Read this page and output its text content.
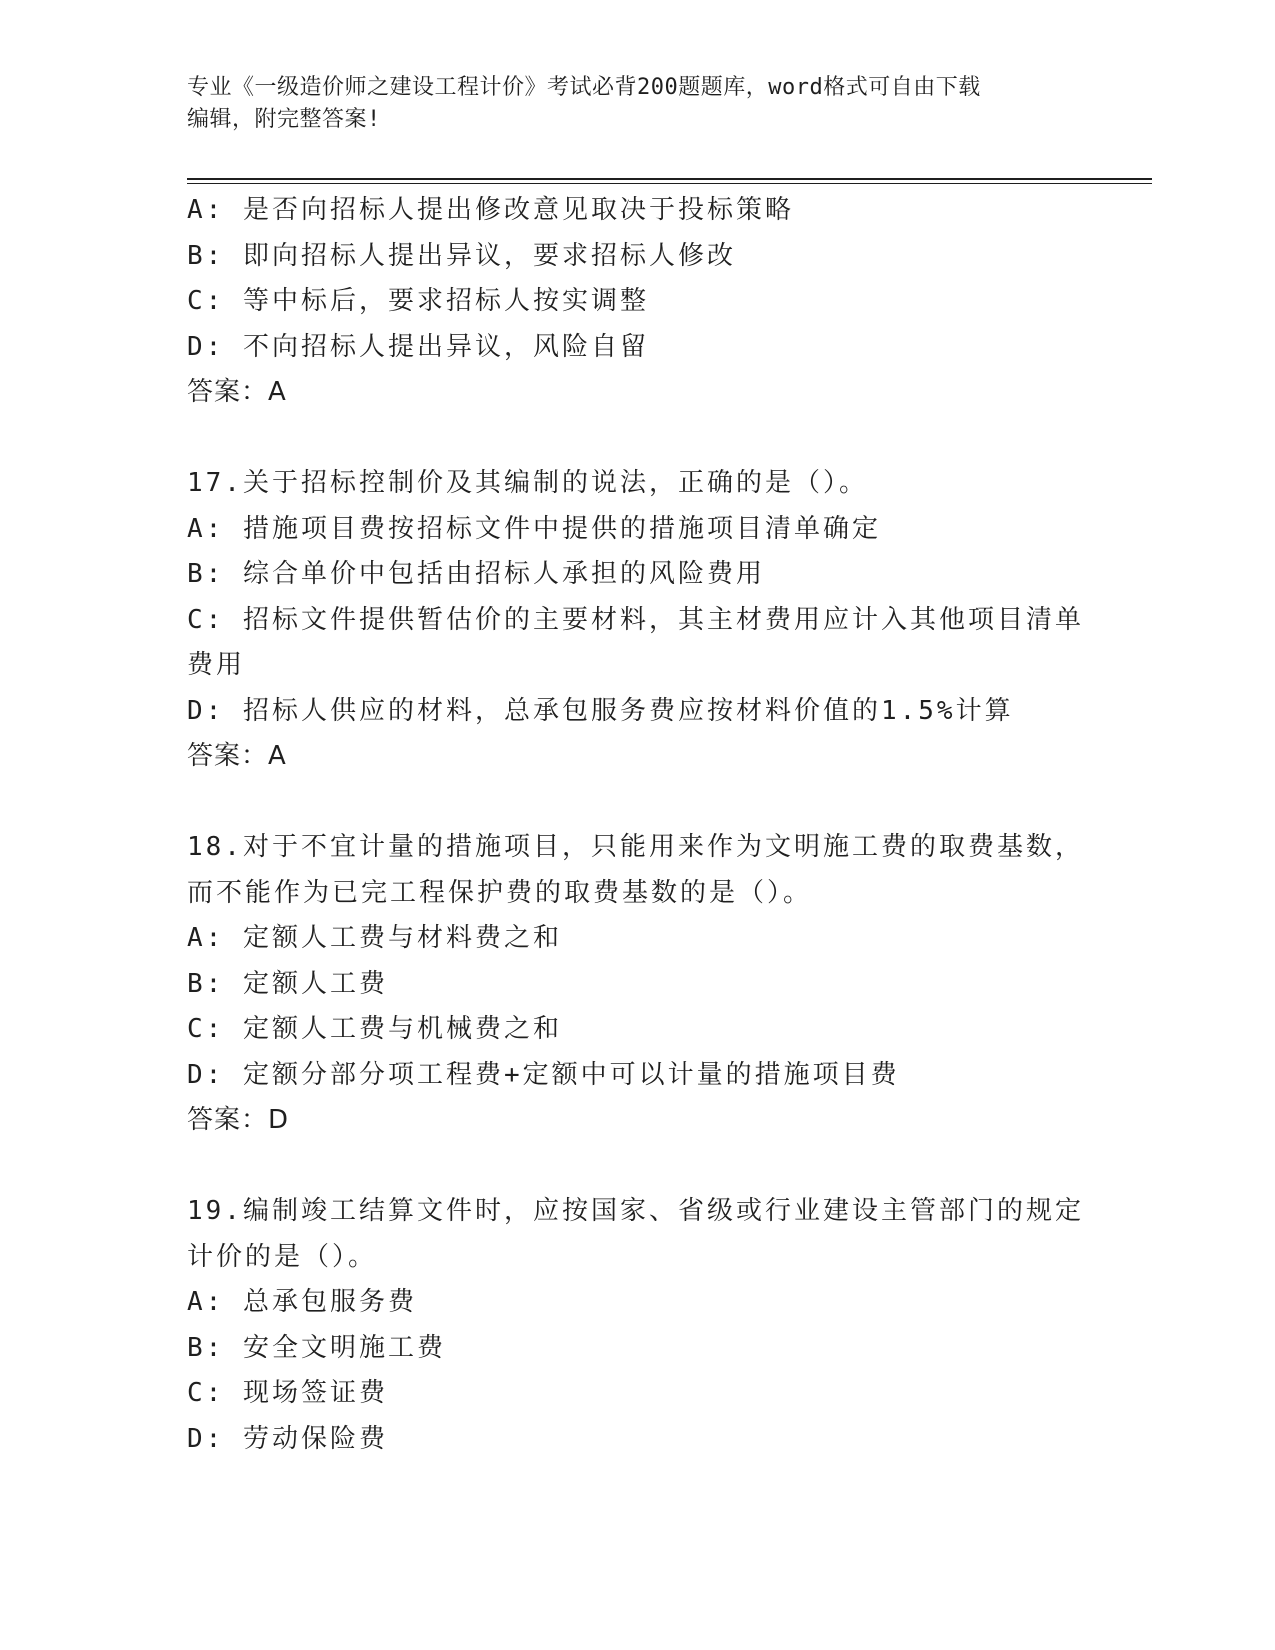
专业《一级造价师之建设工程计价》考试必背200题题库，word格式可自由下载
编辑，附完整答案!
A: 是否向招标人提出修改意见取决于投标策略
B: 即向招标人提出异议，要求招标人修改
C: 等中标后，要求招标人按实调整
D: 不向招标人提出异议，风险自留
答案：A
17.关于招标控制价及其编制的说法，正确的是（）。
A: 措施项目费按招标文件中提供的措施项目清单确定
B: 综合单价中包括由招标人承担的风险费用
C: 招标文件提供暂估价的主要材料，其主材费用应计入其他项目清单费用
D: 招标人供应的材料，总承包服务费应按材料价值的1.5%计算
答案：A
18.对于不宜计量的措施项目，只能用来作为文明施工费的取费基数，而不能作为已完工程保护费的取费基数的是（）。
A: 定额人工费与材料费之和
B: 定额人工费
C: 定额人工费与机械费之和
D: 定额分部分项工程费+定额中可以计量的措施项目费
答案：D
19.编制竣工结算文件时，应按国家、省级或行业建设主管部门的规定计价的是（）。
A: 总承包服务费
B: 安全文明施工费
C: 现场签证费
D: 劳动保险费
